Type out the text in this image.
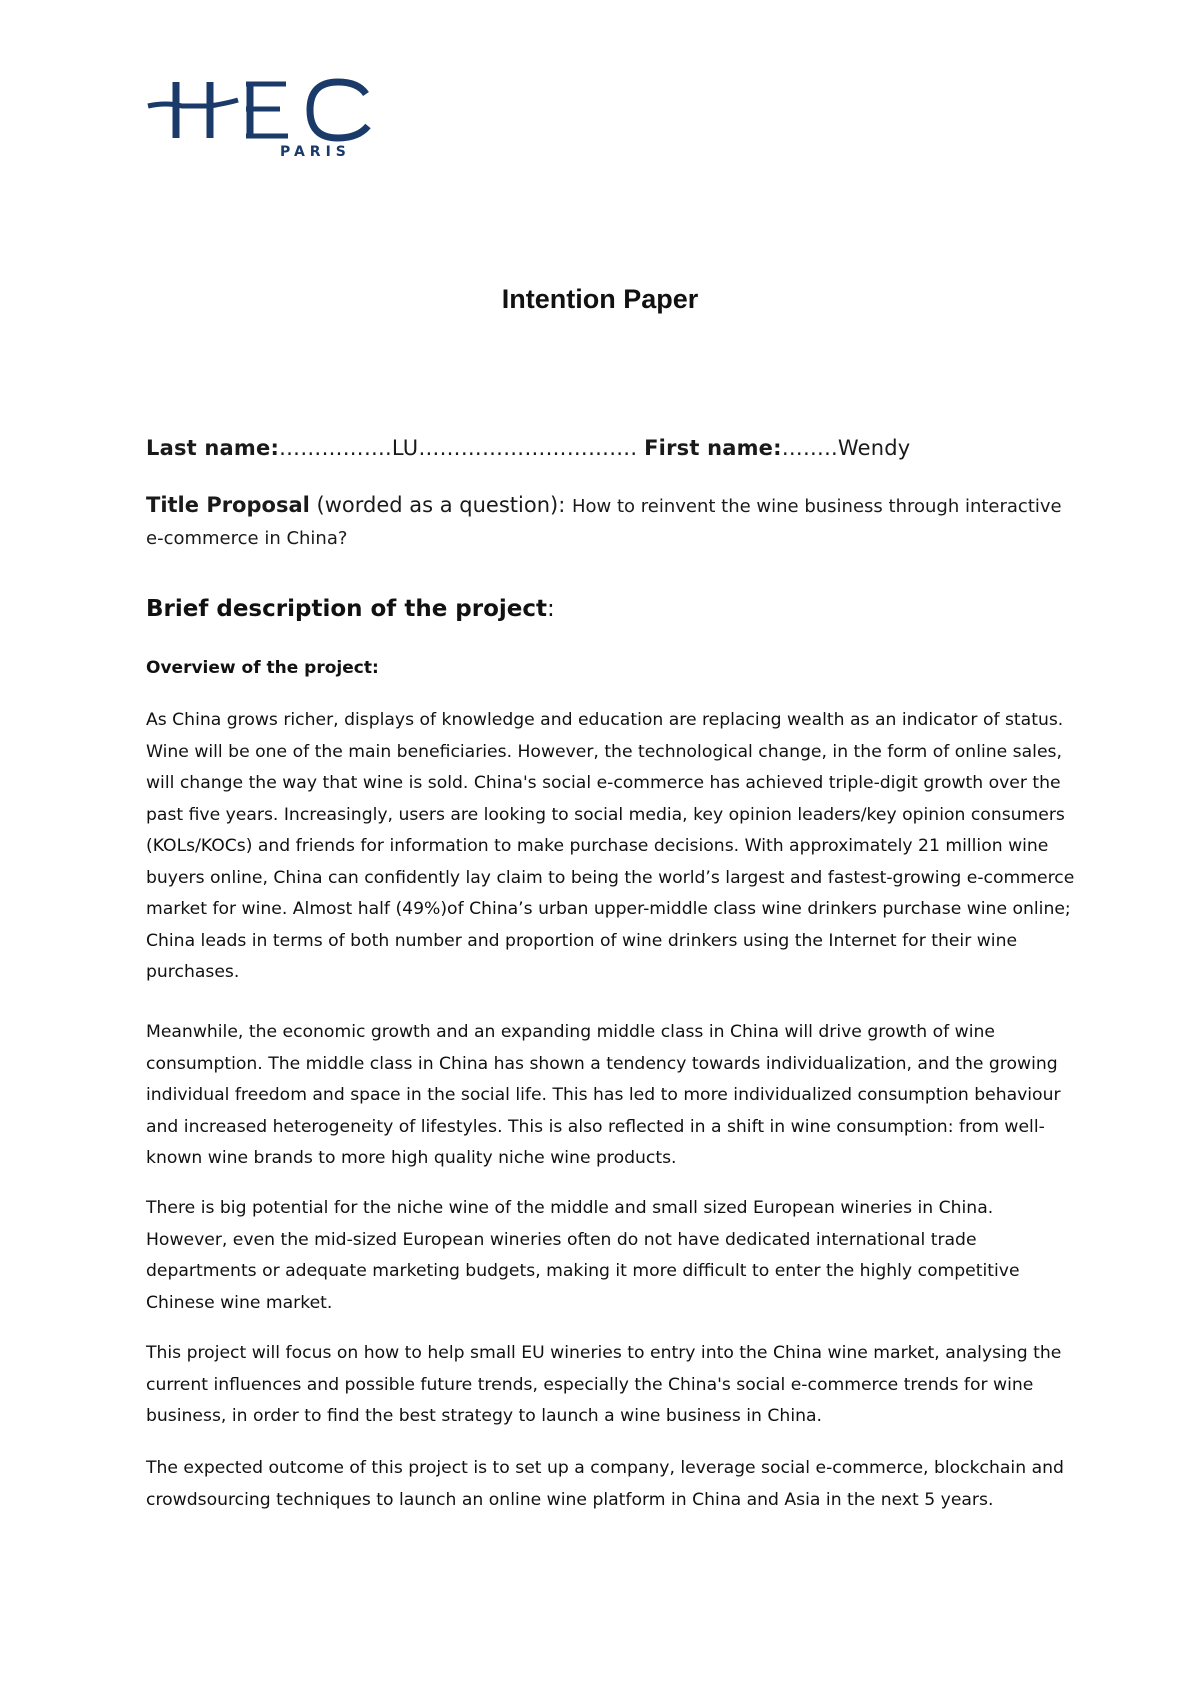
PARIS
Intention Paper
Last name:…………….LU…………………………. First name:……..Wendy
Title Proposal (worded as a question): How to reinvent the wine business through interactive e-commerce in China?
Brief description of the project:
Overview of the project:

As China grows richer, displays of knowledge and education are replacing wealth as an indicator of status. Wine will be one of the main beneficiaries. However, the technological change, in the form of online sales, will change the way that wine is sold. China's social e-commerce has achieved triple-digit growth over the past five years. Increasingly, users are looking to social media, key opinion leaders/key opinion consumers (KOLs/KOCs) and friends for information to make purchase decisions. With approximately 21 million wine buyers online, China can confidently lay claim to being the world’s largest and fastest-growing e-commerce market for wine. Almost half (49%)of China’s urban upper-middle class wine drinkers purchase wine online; China leads in terms of both number and proportion of wine drinkers using the Internet for their wine purchases.

Meanwhile, the economic growth and an expanding middle class in China will drive growth of wine consumption. The middle class in China has shown a tendency towards individualization, and the growing individual freedom and space in the social life. This has led to more individualized consumption behaviour and increased heterogeneity of lifestyles. This is also reflected in a shift in wine consumption: from well-known wine brands to more high quality niche wine products.

There is big potential for the niche wine of the middle and small sized European wineries in China. However, even the mid-sized European wineries often do not have dedicated international trade departments or adequate marketing budgets, making it more difficult to enter the highly competitive Chinese wine market.

This project will focus on how to help small EU wineries to entry into the China wine market, analysing the current influences and possible future trends, especially the China's social e-commerce trends for wine business, in order to find the best strategy to launch a wine business in China.

The expected outcome of this project is to set up a company, leverage social e-commerce, blockchain and crowdsourcing techniques to launch an online wine platform in China and Asia in the next 5 years.
